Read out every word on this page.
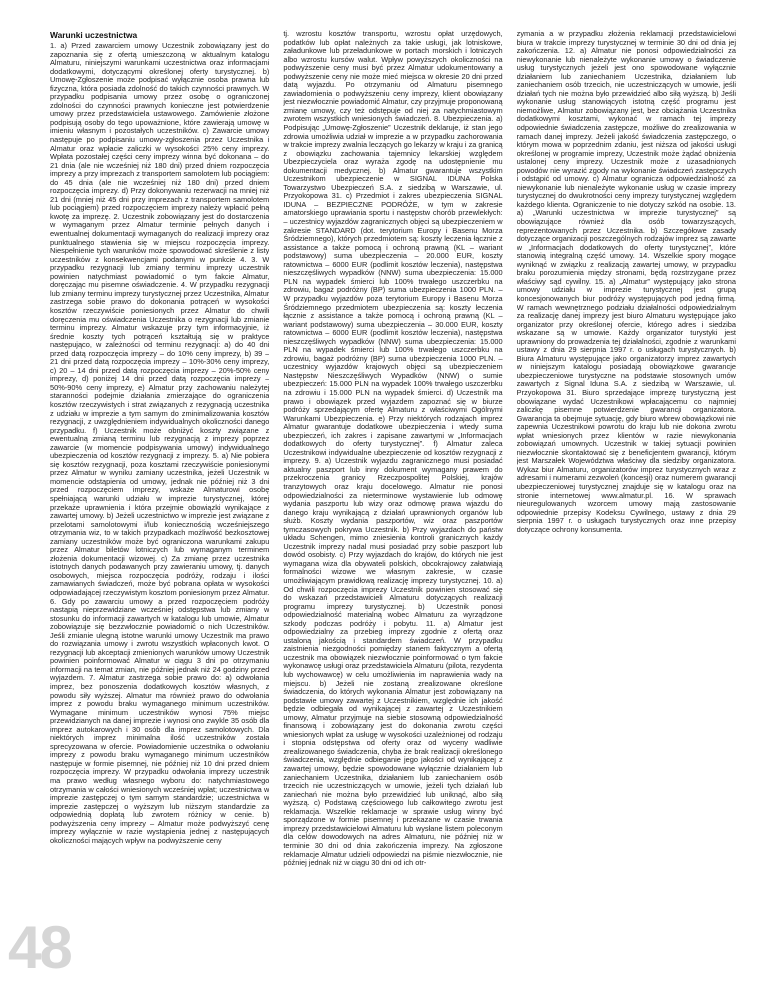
48
Warunki uczestnictwa

1. a) Przed zawarciem umowy Uczestnik zobowiązany jest do zapoznania się z ofertą umieszczoną w aktualnym katalogu Almaturu, niniejszymi warunkami uczestnictwa oraz informacjami dodatkowymi, dotyczącymi określonej oferty turystycznej. b) Umowę-Zgłoszenie może podpisać wyłącznie osoba prawna lub fizyczna, która posiada zdolność do takich czynności prawnych. W przypadku podpisania umowy przez osobę o ograniczonej zdolności do czynności prawnych konieczne jest potwierdzenie umowy przez przedstawiciela ustawowego. Zamówienie złożone podpisują osoby do tego upoważnione, które zawierają umowę w imieniu własnym i pozostałych uczestników. c) Zawarcie umowy następuje po podpisaniu umowy-zgłoszenia przez Uczestnika i Almatur oraz wpłacie zaliczki w wysokości 25% ceny imprezy. Wpłata pozostałej części ceny imprezy winna być dokonana – do 21 dnia (ale nie wcześniej niż 180 dni) przed dniem rozpoczęcia imprezy a przy imprezach z transportem samolotem lub pociągiem: do 45 dnia (ale nie wcześniej niż 180 dni) przed dniem rozpoczęcia imprezy. d) Przy dokonywaniu rezerwacji na mniej niż 21 dni (mniej niż 45 dni przy imprezach z transportem samolotem lub pociągiem) przed rozpoczęciem imprezy należy wpłacić pełną kwotę za imprezę. 2. Uczestnik zobowiązany jest do dostarczenia w wymaganym przez Almatur terminie pełnych danych i ewentualnej dokumentacji wymaganych do realizacji imprezy oraz punktualnego stawienia się w miejscu rozpoczęcia imprezy. Niespełnienie tych warunków może spowodować skreślenie z listy uczestników z konsekwencjami podanymi w punkcie 4. 3. W przypadku rezygnacji lub zmiany terminu imprezy uczestnik powinien natychmiast powiadomić o tym fakcie Almatur, doręczając mu pisemne oświadczenie. 4. W przypadku rezygnacji lub zmiany terminu imprezy turystycznej przez Uczestnika, Almatur zastrzega sobie prawo do dokonania potrąceń w wysokości kosztów rzeczywiście poniesionych przez Almatur do chwili doręczenia mu oświadczenia Uczestnika o rezygnacji lub zmianie terminu imprezy. Almatur wskazuje przy tym informacyjnie, iż średnie koszty tych potrąceń kształtują się w praktyce następująco, w zależności od terminu rezygnacji: a) do 40 dni przed datą rozpoczęcia imprezy – do 10% ceny imprezy, b) 39 – 21 dni przed datą rozpoczęcia imprezy – 10%-30% ceny imprezy, c) 20 – 14 dni przed datą rozpoczęcia imprezy – 20%-50% ceny imprezy, d) poniżej 14 dni przed datą rozpoczęcia imprezy – 50%-90% ceny imprezy, e) Almatur przy zachowaniu należytej staranności podejmie działania zmierzające do ograniczenia kosztów rzeczywistych i strat związanych z rezygnacją uczestnika z udziału w imprezie a tym samym do zminimalizowania kosztów rezygnacji, z uwzględnieniem indywidualnych okoliczności danego przypadku. f) Uczestnik może obniżyć koszty związane z ewentualną zmianą terminu lub rezygnacją z imprezy poprzez zawarcie (w momencie podpisywania umowy) indywidualnego ubezpieczenia od kosztów rezygnacji z imprezy. 5. a) Nie pobiera się kosztów rezygnacji, poza kosztami rzeczywiście poniesionymi przez Almatur w wyniku zamiany uczestnika, jeżeli Uczestnik w momencie odstąpienia od umowy, jednak nie później niż 3 dni przed rozpoczęciem imprezy, wskaże Almaturowi osobę spełniającą warunki udziału w imprezie turystycznej, której przekaże uprawnienia i która przejmie obowiązki wynikające z zawartej umowy. b) Jeżeli uczestnictwo w imprezie jest związane z przelotami samolotowymi i/lub koniecznością wcześniejszego otrzymania wiz, to w takich przypadkach możliwość bezkosztowej zamiany uczestników może być ograniczona warunkami zakupu przez Almatur biletów lotniczych lub wymaganym terminem złożenia dokumentacji wizowej. c) Za zmianę przez uczestnika istotnych danych podawanych przy zawieraniu umowy, tj. danych osobowych, miejsca rozpoczęcia podróży, rodzaju i ilości zamawianych świadczeń, może być pobrana opłata w wysokości odpowiadającej rzeczywistym kosztom poniesionym przez Almatur. 6. Gdy po zawarciu umowy a przed rozpoczęciem podróży nastąpią nieprzewidziane wcześniej odstępstwa lub zmiany w stosunku do informacji zawartych w katalogu lub umowie, Almatur zobowiązuje się bezzwłocznie powiadomić o nich Uczestników. Jeśli zmianie ulegną istotne warunki umowy Uczestnik ma prawo do rozwiązania umowy i zwrotu wszystkich wpłaconych kwot. O rezygnacji lub akceptacji zmienionych warunków umowy Uczestnik powinien poinformować Almatur w ciągu 3 dni po otrzymaniu informacji na temat zmian, nie później jednak niż 24 godziny przed wyjazdem. 7. Almatur zastrzega sobie prawo do: a) odwołania imprez, bez ponoszenia dodatkowych kosztów własnych, z powodu siły wyższej. Almatur ma również prawo do odwołania imprez z powodu braku wymaganego minimum uczestników. Wymagane minimum uczestników wynosi 75% miejsc przewidzianych na danej imprezie i wynosi ono zwykle 35 osób dla imprez autokarowych i 30 osób dla imprez samolotowych. Dla niektórych imprez minimalna ilość uczestników została sprecyzowana w ofercie. Powiadomienie uczestnika o odwołaniu imprezy z powodu braku wymaganego minimum uczestników następuje w formie pisemnej, nie później niż 10 dni przed dniem rozpoczęcia imprezy. W przypadku odwołania imprezy uczestnik ma prawo według własnego wyboru do: natychmiastowego otrzymania w całości wniesionych wcześniej wpłat; uczestnictwa w imprezie zastępczej o tym samym standardzie; uczestnictwa w imprezie zastępczej o wyższym lub niższym standardzie za odpowiednią dopłatą lub zwrotem różnicy w cenie. b) podwyższenia ceny imprezy – Almatur może podwyższyć cenę imprezy wyłącznie w razie wystąpienia jednej z następujących okoliczności mających wpływ na podwyższenie ceny

tj. wzrostu kosztów transportu, wzrostu opłat urzędowych, podatków lub opłat należnych za takie usługi, jak lotniskowe, załadunkowe lub przeładunkowe w portach morskich i lotniczych albo wzrostu kursów walut. Wpływ powyższych okoliczności na podwyższenie ceny musi być przez Almatur udokumentowany a podwyższenie ceny nie może mieć miejsca w okresie 20 dni przed datą wyjazdu. Po otrzymaniu od Almaturu pisemnego zawiadomienia o podwyższeniu ceny imprezy, klient obowiązany jest niezwłocznie powiadomić Almatur, czy przyjmuje proponowaną zmianę umowy, czy też odstępuje od niej za natychmiastowym zwrotem wszystkich wniesionych świadczeń. 8. Ubezpieczenia. a) Podpisując „Umowę-Zgłoszenie” Uczestnik deklaruje, iż stan jego zdrowia umożliwia udział w imprezie a w przypadku zachorowania w trakcie imprezy zwalnia leczących go lekarzy w kraju i za granicą z obowiązku zachowania tajemnicy lekarskiej względem Ubezpieczyciela oraz wyraża zgodę na udostępnienie mu dokumentacji medycznej. b) Almatur gwarantuje wszystkim Uczestnikom ubezpieczenie w SIGNAL IDUNA Polska Towarzystwo Ubezpieczeń S.A. z siedzibą w Warszawie, ul. Przyokopowa 31. c) Przedmiot i zakres ubezpieczenia SIGNAL IDUNA – BEZPIECZNE PODRÓŻE, w tym w zakresie amatorskiego uprawiania sportu i następstw chorób przewlekłych: – uczestnicy wyjazdów zagranicznych objęci są ubezpieczeniem w zakresie STANDARD (dot. terytorium Europy i Basenu Morza Śródziemnego), których przedmiotem są: koszty leczenia łącznie z assistance a także pomocą i ochroną prawną (KL – wariant podstawowy) suma ubezpieczenia – 20.000 EUR, koszty ratownictwa – 6000 EUR (podlimit kosztów leczenia), następstwa nieszczęśliwych wypadków (NNW) suma ubezpieczenia: 15.000 PLN na wypadek śmierci lub 100% trwałego uszczerbku na zdrowiu, bagaż podróżny (BP) suma ubezpieczenia 1000 PLN. – W przypadku wyjazdów poza terytorium Europy i Basenu Morza Śródziemnego przedmiotem ubezpieczenia są: koszty leczenia łącznie z assistance a także pomocą i ochroną prawną (KL – wariant podstawowy) suma ubezpieczenia – 30.000 EUR, koszty ratownictwa – 6000 EUR (podlimit kosztów leczenia), następstwa nieszczęśliwych wypadków (NNW) suma ubezpieczenia: 15.000 PLN na wypadek śmierci lub 100% trwałego uszczerbku na zdrowiu, bagaż podróżny (BP) suma ubezpieczenia 1000 PLN. – uczestnicy wyjazdów krajowych objęci są ubezpieczeniem Następstw Nieszczęśliwych Wypadków (NNW) o sumie ubezpieczeń: 15.000 PLN na wypadek 100% trwałego uszczerbku na zdrowiu i 15.000 PLN na wypadek śmierci. d) Uczestnik ma prawo i obowiązek przed wyjazdem zapoznać się w biurze podróży sprzedającym ofertę Almaturu z właściwymi Ogólnymi Warunkami Ubezpieczenia. e) Przy niektórych rodzajach imprez Almatur gwarantuje dodatkowe ubezpieczenia i wtedy suma ubezpieczeń, ich zakres i zapisane zawartymi w „Informacjach dodatkowych do oferty turystycznej”. f) Almatur zaleca Uczestnikowi indywidualne ubezpieczenie od kosztów rezygnacji z imprezy. 9. a) Uczestnik wyjazdu zagranicznego musi posiadać aktualny paszport lub inny dokument wymagany prawem do przekroczenia granicy Rzeczpospolitej Polskiej, krajów tranzytowych oraz kraju docelowego. Almatur nie ponosi odpowiedzialności za nieterminowe wystawienie lub odmowę wydania paszportu lub wizy oraz odmowę prawa wjazdu do danego kraju wynikającą z działań uprawnionych organów lub służb. Koszty wydania paszportów, wiz oraz paszportów tymczasowych pokrywa Uczestnik. b) Przy wyjazdach do państw układu Schengen, mimo zniesienia kontroli granicznych każdy Uczestnik imprezy nadal musi posiadać przy sobie paszport lub dowód osobisty. c) Przy wyjazdach do krajów, do których nie jest wymagana wiza dla obywateli polskich, obcokrajowcy załatwiają formalności wizowe we własnym zakresie, w czasie umożliwiającym prawidłową realizację imprezy turystycznej. 10. a) Od chwili rozpoczęcia imprezy Uczestnik powinien stosować się do wskazań przedstawicieli Almaturu dotyczących realizacji programu imprezy turystycznej. b) Uczestnik ponosi odpowiedzialność materialną wobec Almaturu za wyrządzone szkody podczas podróży i pobytu. 11. a) Almatur jest odpowiedzialny za przebieg imprezy zgodnie z ofertą oraz ustaloną jakością i standardem świadczeń. W przypadku zaistnienia niezgodności pomiędzy stanem faktycznym a ofertą uczestnik ma obowiązek niezwłocznie poinformować o tym fakcie wykonawcę usługi oraz przedstawiciela Almaturu (pilota, rezydenta lub wychowawcę) w celu umożliwienia im naprawienia wady na miejscu. b) Jeżeli nie zostaną zrealizowane określone świadczenia, do których wykonania Almatur jest zobowiązany na podstawie umowy zawartej z Uczestnikiem, względnie ich jakość będzie odbiegała od wynikającej z zawartej z Uczestnikiem umowy, Almatur przyjmuje na siebie stosowną odpowiedzialność finansową i zobowiązany jest do dokonania zwrotu części wniesionych wpłat za usługę w wysokości uzależnionej od rodzaju i stopnia odstępstwa od oferty oraz od wyceny wadliwie zrealizowanego świadczenia, chyba że brak realizacji określonego świadczenia, względnie odbieganie jego jakości od wynikającej z zawartej umowy, będzie spowodowane wyłącznie działaniem lub zaniechaniem Uczestnika, działaniem lub zaniechaniem osób trzecich nie uczestniczących w umowie, jeżeli tych działań lub zaniechań nie można było przewidzieć lub uniknąć, albo siłą wyższą. c) Podstawą częściowego lub całkowitego zwrotu jest reklamacja. Wszelkie reklamacje w sprawie usług winny być sporządzone w formie pisemnej i przekazane w czasie trwania imprezy przedstawicielowi Almaturu lub wysłane listem poleconym dla celów dowodowych na adres Almaturu, nie później niż w terminie 30 dni od dnia zakończenia imprezy. Na zgłoszone reklamacje Almatur udzieli odpowiedzi na piśmie niezwłocznie, nie później jednak niż w ciągu 30 dni od ich otr-

zymania a w przypadku złożenia reklamacji przedstawicielowi biura w trakcie imprezy turystycznej w terminie 30 dni od dnia jej zakończenia. 12. a) Almatur nie ponosi odpowiedzialności za niewykonanie lub nienależyte wykonanie umowy o świadczenie usług turystycznych jeżeli jest ono spowodowane wyłącznie działaniem lub zaniechaniem Uczestnika, działaniem lub zaniechaniem osób trzecich, nie uczestniczących w umowie, jeśli działań tych nie można było przewidzieć albo siłą wyższą. b) Jeśli wykonanie usług stanowiących istotną część programu jest niemożliwe, Almatur zobowiązany jest, bez obciążania Uczestnika dodatkowymi kosztami, wykonać w ramach tej imprezy odpowiednie świadczenia zastępcze, możliwe do zrealizowania w ramach danej imprezy. Jeżeli jakość świadczenia zastępczego, o którym mowa w poprzednim zdaniu, jest niższa od jakości usługi określonej w programie imprezy, Uczestnik może żądać obniżenia ustalonej ceny imprezy. Uczestnik może z uzasadnionych powodów nie wyrazić zgody na wykonanie świadczeń zastępczych i odstąpić od umowy. c) Almatur ogranicza odpowiedzialność za niewykonanie lub nienależyte wykonanie usług w czasie imprezy turystycznej do dwukrotności ceny imprezy turystycznej względem każdego klienta. Ograniczenie to nie dotyczy szkód na osobie. 13. a) „Warunki uczestnictwa w imprezie turystycznej” są obowiązujące również dla osób towarzyszących, reprezentowanych przez Uczestnika. b) Szczegółowe zasady dotyczące organizacji poszczególnych rodzajów imprez są zawarte w „Informacjach dodatkowych do oferty turystycznej”, które stanowią integralną część umowy. 14. Wszelkie spory mogące wyniknąć w związku z realizacją zawartej umowy, w przypadku braku porozumienia między stronami, będą rozstrzygane przez właściwy sąd cywilny. 15. a) „Almatur” występujący jako strona umowy udziału w imprezie turystycznej jest grupą koncesjonowanych biur podróży występujących pod jedną firmą. W ramach wewnętrznego podziału działalności odpowiedzialnym za realizację danej imprezy jest biuro Almaturu występujące jako organizator przy określonej ofercie, którego adres i siedziba wskazane są w umowie. Każdy organizator turystyki jest uprawniony do prowadzenia tej działalności, zgodnie z warunkami ustawy z dnia 29 sierpnia 1997 r. o usługach turystycznych. b) Biura Almaturu występujące jako organizatorzy imprez zawartych w niniejszym katalogu posiadają obowiązkowe gwarancje ubezpieczeniowe turystyczne na podstawie stosownych umów zawartych z Signal Iduna S.A. z siedzibą w Warszawie, ul. Przyokopowa 31. Biuro sprzedające imprezę turystyczną jest obowiązane wydać Uczestnikowi wpłacającemu co najmniej zaliczkę pisemne potwierdzenie gwarancji organizatora. Gwarancja ta obejmuje sytuację, gdy biuro wbrew obowiązkowi nie zapewnia Uczestnikowi powrotu do kraju lub nie dokona zwrotu wpłat wniesionych przez klientów w razie niewykonania zobowiązań umownych. Uczestnik w takiej sytuacji powinien niezwłocznie skontaktować się z beneficjentem gwarancji, którym jest Marszałek Województwa właściwy dla siedziby organizatora. Wykaz biur Almaturu, organizatorów imprez turystycznych wraz z adresami i numerami zezwoleń (koncesji) oraz numerem gwarancji ubezpieczeniowej turystycznej znajduje się w katalogu oraz na stronie internetowej www.almatur.pl. 16. W sprawach nieuregulowanych wzorcem umowy mają zastosowanie odpowiednie przepisy Kodeksu Cywilnego, ustawy z dnia 29 sierpnia 1997 r. o usługach turystycznych oraz inne przepisy dotyczące ochrony konsumenta.
